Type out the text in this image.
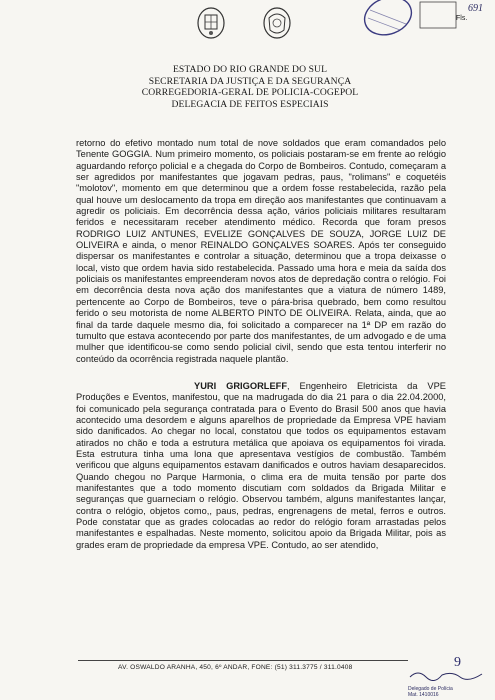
Fls.
691
ESTADO DO RIO GRANDE DO SUL
SECRETARIA DA JUSTIÇA E DA SEGURANÇA
CORREGEDORIA-GERAL DE POLICIA-COGEPOL
DELEGACIA DE FEITOS ESPECIAIS

retorno do efetivo montado num total de nove soldados que eram comandados pelo Tenente GOGGIA. Num primeiro momento, os policiais postaram-se em frente ao relógio aguardando reforço policial e a chegada do Corpo de Bombeiros. Contudo, começaram a ser agredidos por manifestantes que jogavam pedras, paus, "rolimans" e coquetéis "molotov", momento em que determinou que a ordem fosse restabelecida, razão pela qual houve um deslocamento da tropa em direção aos manifestantes que continuavam a agredir os policiais. Em decorrência dessa ação, vários policiais militares resultaram feridos e necessitaram receber atendimento médico. Recorda que foram presos RODRIGO LUIZ ANTUNES, EVELIZE GONÇALVES DE SOUZA, JORGE LUIZ DE OLIVEIRA e ainda, o menor REINALDO GONÇALVES SOARES. Após ter conseguido dispersar os manifestantes e controlar a situação, determinou que a tropa deixasse o local, visto que ordem havia sido restabelecida. Passado uma hora e meia da saída dos policiais os manifestantes empreenderam novos atos de depredação contra o relógio. Foi em decorrência desta nova ação dos manifestantes que a viatura de número 1489, pertencente ao Corpo de Bombeiros, teve o pára-brisa quebrado, bem como resultou ferido o seu motorista de nome ALBERTO PINTO DE OLIVEIRA. Relata, ainda, que ao final da tarde daquele mesmo dia, foi solicitado a comparecer na 1ª DP em razão do tumulto que estava acontecendo por parte dos manifestantes, de um advogado e de uma mulher que identificou-se como sendo policial civil, sendo que esta tentou interferir no conteúdo da ocorrência registrada naquele plantão.

YURI GRIGORLEFF, Engenheiro Eletricista da VPE Produções e Eventos, manifestou, que na madrugada do dia 21 para o dia 22.04.2000, foi comunicado pela segurança contratada para o Evento do Brasil 500 anos que havia acontecido uma desordem e alguns aparelhos de propriedade da Empresa VPE haviam sido danificados. Ao chegar no local, constatou que todos os equipamentos estavam atirados no chão e toda a estrutura metálica que apoiava os equipamentos foi virada. Esta estrutura tinha uma lona que apresentava vestígios de combustão. Também verificou que alguns equipamentos estavam danificados e outros haviam desaparecidos. Quando chegou no Parque Harmonia, o clima era de muita tensão por parte dos manifestantes que a todo momento discutiam com soldados da Brigada Militar e seguranças que guarneciam o relógio. Observou também, alguns manifestantes lançar, contra o relógio, objetos como,, paus, pedras, engrenagens de metal, ferros e outros. Pode constatar que as grades colocadas ao redor do relógio foram arrastadas pelos manifestantes e espalhadas. Neste momento, solicitou apoio da Brigada Militar, pois as grades eram de propriedade da empresa VPE. Contudo, ao ser atendido,

AV. OSWALDO ARANHA, 450, 6º ANDAR, FONE: (51) 311.3775 / 311.0408	9
Delegado de Polícia
Mat. 1410016
